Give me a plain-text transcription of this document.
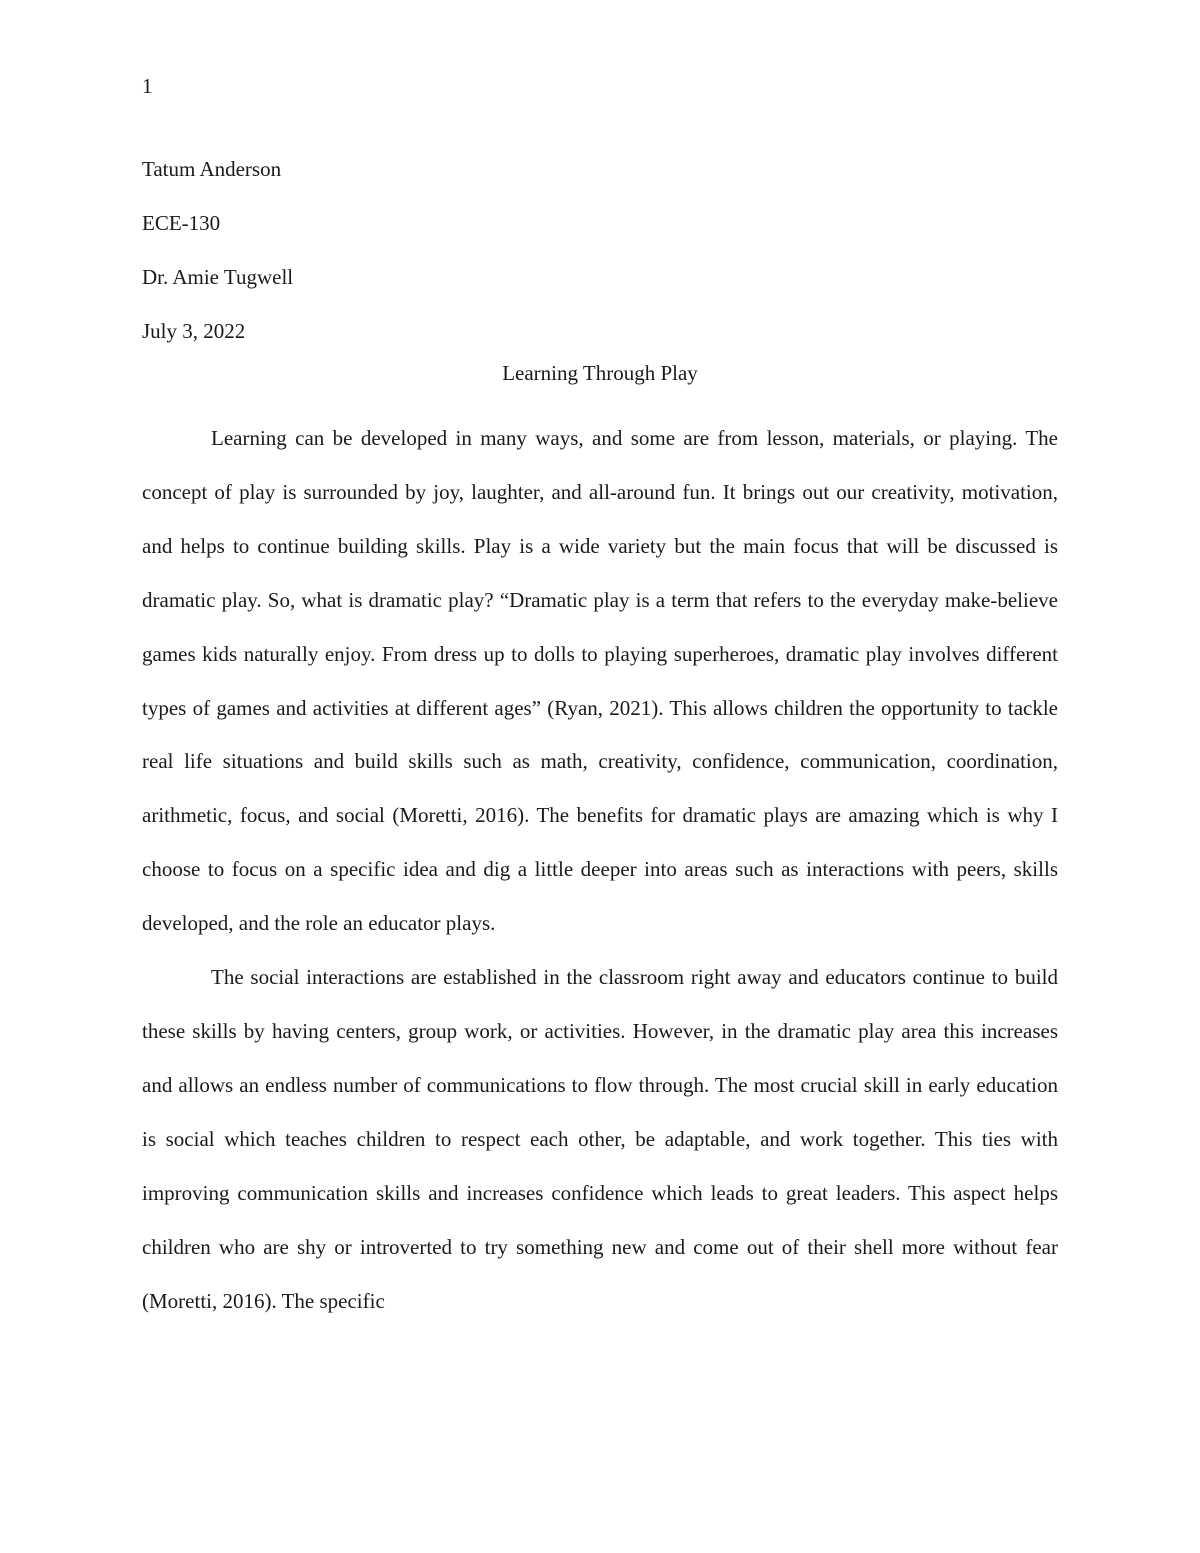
1
Tatum Anderson
ECE-130
Dr. Amie Tugwell
July 3, 2022
Learning Through Play

Learning can be developed in many ways, and some are from lesson, materials, or playing. The concept of play is surrounded by joy, laughter, and all-around fun. It brings out our creativity, motivation, and helps to continue building skills. Play is a wide variety but the main focus that will be discussed is dramatic play. So, what is dramatic play? “Dramatic play is a term that refers to the everyday make-believe games kids naturally enjoy. From dress up to dolls to playing superheroes, dramatic play involves different types of games and activities at different ages” (Ryan, 2021). This allows children the opportunity to tackle real life situations and build skills such as math, creativity, confidence, communication, coordination, arithmetic, focus, and social (Moretti, 2016). The benefits for dramatic plays are amazing which is why I choose to focus on a specific idea and dig a little deeper into areas such as interactions with peers, skills developed, and the role an educator plays.

The social interactions are established in the classroom right away and educators continue to build these skills by having centers, group work, or activities. However, in the dramatic play area this increases and allows an endless number of communications to flow through. The most crucial skill in early education is social which teaches children to respect each other, be adaptable, and work together. This ties with improving communication skills and increases confidence which leads to great leaders. This aspect helps children who are shy or introverted to try something new and come out of their shell more without fear (Moretti, 2016). The specific
